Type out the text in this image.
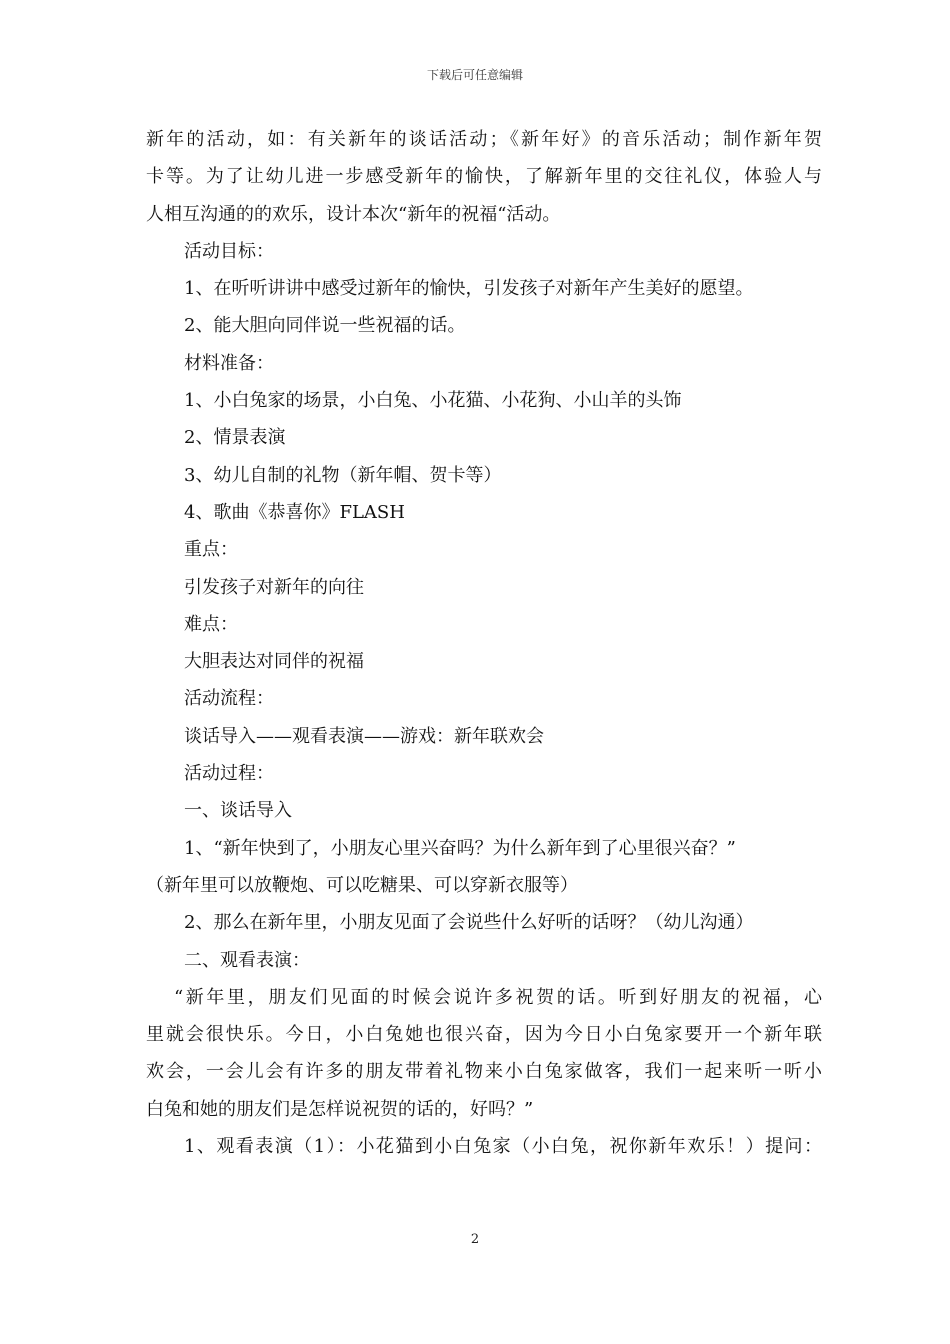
下载后可任意编辑
新年的活动，如：有关新年的谈话活动；《新年好》的音乐活动；制作新年贺
卡等。为了让幼儿进一步感受新年的愉快，了解新年里的交往礼仪，体验人与
人相互沟通的的欢乐，设计本次“新年的祝福“活动。
活动目标：
1、在听听讲讲中感受过新年的愉快，引发孩子对新年产生美好的愿望。
2、能大胆向同伴说一些祝福的话。
材料准备：
1、小白兔家的场景，小白兔、小花猫、小花狗、小山羊的头饰
2、情景表演
3、幼儿自制的礼物（新年帽、贺卡等）
4、歌曲《恭喜你》FLASH
重点：
引发孩子对新年的向往
难点：
大胆表达对同伴的祝福
活动流程：
谈话导入——观看表演——游戏：新年联欢会
活动过程：
一、谈话导入
1、“新年快到了，小朋友心里兴奋吗？为什么新年到了心里很兴奋？”
（新年里可以放鞭炮、可以吃糖果、可以穿新衣服等）
2、那么在新年里，小朋友见面了会说些什么好听的话呀？（幼儿沟通）
二、观看表演：
“新年里，朋友们见面的时候会说许多祝贺的话。听到好朋友的祝福，心
里就会很快乐。今日，小白兔她也很兴奋，因为今日小白兔家要开一个新年联
欢会，一会儿会有许多的朋友带着礼物来小白兔家做客，我们一起来听一听小
白兔和她的朋友们是怎样说祝贺的话的，好吗？”
1、观看表演（1）：小花猫到小白兔家（小白兔，祝你新年欢乐！）提问：
2
